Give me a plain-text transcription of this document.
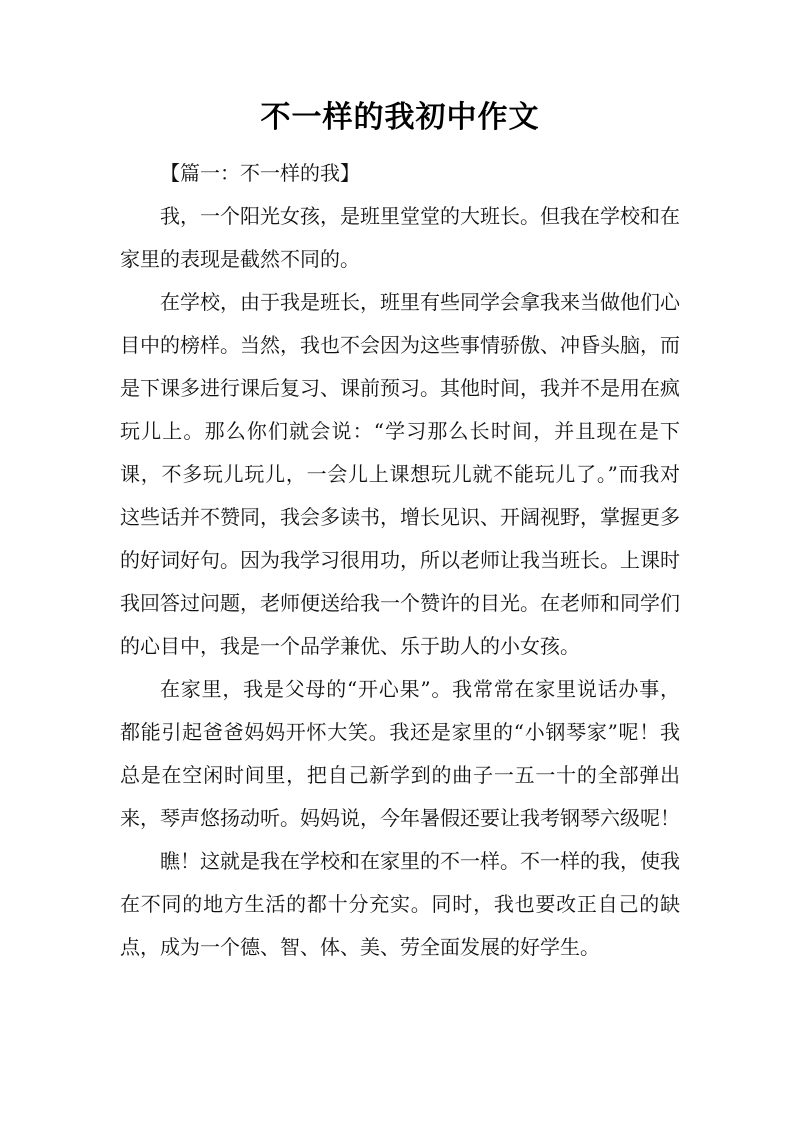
不一样的我初中作文

【篇一：不一样的我】

我，一个阳光女孩，是班里堂堂的大班长。但我在学校和在家里的表现是截然不同的。

在学校，由于我是班长，班里有些同学会拿我来当做他们心目中的榜样。当然，我也不会因为这些事情骄傲、冲昏头脑，而是下课多进行课后复习、课前预习。其他时间，我并不是用在疯玩儿上。那么你们就会说：“学习那么长时间，并且现在是下课，不多玩儿玩儿，一会儿上课想玩儿就不能玩儿了。”而我对这些话并不赞同，我会多读书，增长见识、开阔视野，掌握更多的好词好句。因为我学习很用功，所以老师让我当班长。上课时我回答过问题，老师便送给我一个赞许的目光。在老师和同学们的心目中，我是一个品学兼优、乐于助人的小女孩。

在家里，我是父母的“开心果”。我常常在家里说话办事，都能引起爸爸妈妈开怀大笑。我还是家里的“小钢琴家”呢！我总是在空闲时间里，把自己新学到的曲子一五一十的全部弹出来，琴声悠扬动听。妈妈说，今年暑假还要让我考钢琴六级呢！

瞧！这就是我在学校和在家里的不一样。不一样的我，使我在不同的地方生活的都十分充实。同时，我也要改正自己的缺点，成为一个德、智、体、美、劳全面发展的好学生。
